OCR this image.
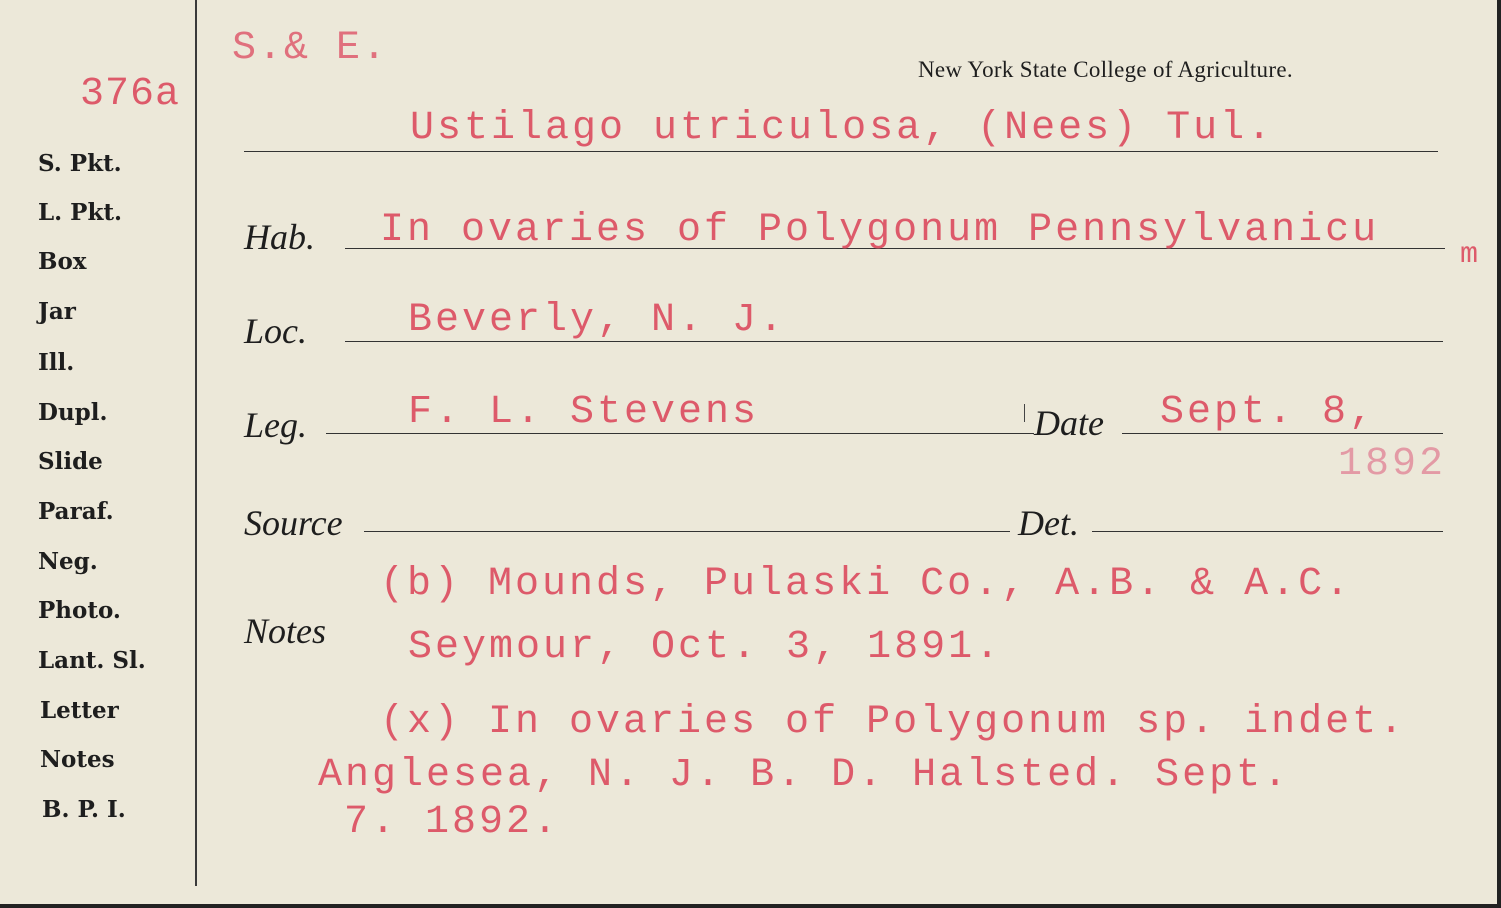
376a
S. Pkt.
L. Pkt.
Box
Jar
Ill.
Dupl.
Slide
Paraf.
Neg.
Photo.
Lant. Sl.
Letter
Notes
B. P. I.
S.& E.	New York State College of Agriculture.
Ustilago utriculosa, (Nees) Tul.
Hab. In ovaries of Polygonum Pennsylvanicu
m
Loc.	Beverly, N. J.
Leg.	F. L. Stevens	Date Sept. 8,
1892
Source	Det.
Notes
(b) Mounds, Pulaski Co., A.B. & A.C.
Seymour, Oct. 3, 1891.
(x) In ovaries of Polygonum sp. indet.
Anglesea, N. J. B. D. Halsted. Sept.
7. 1892.
